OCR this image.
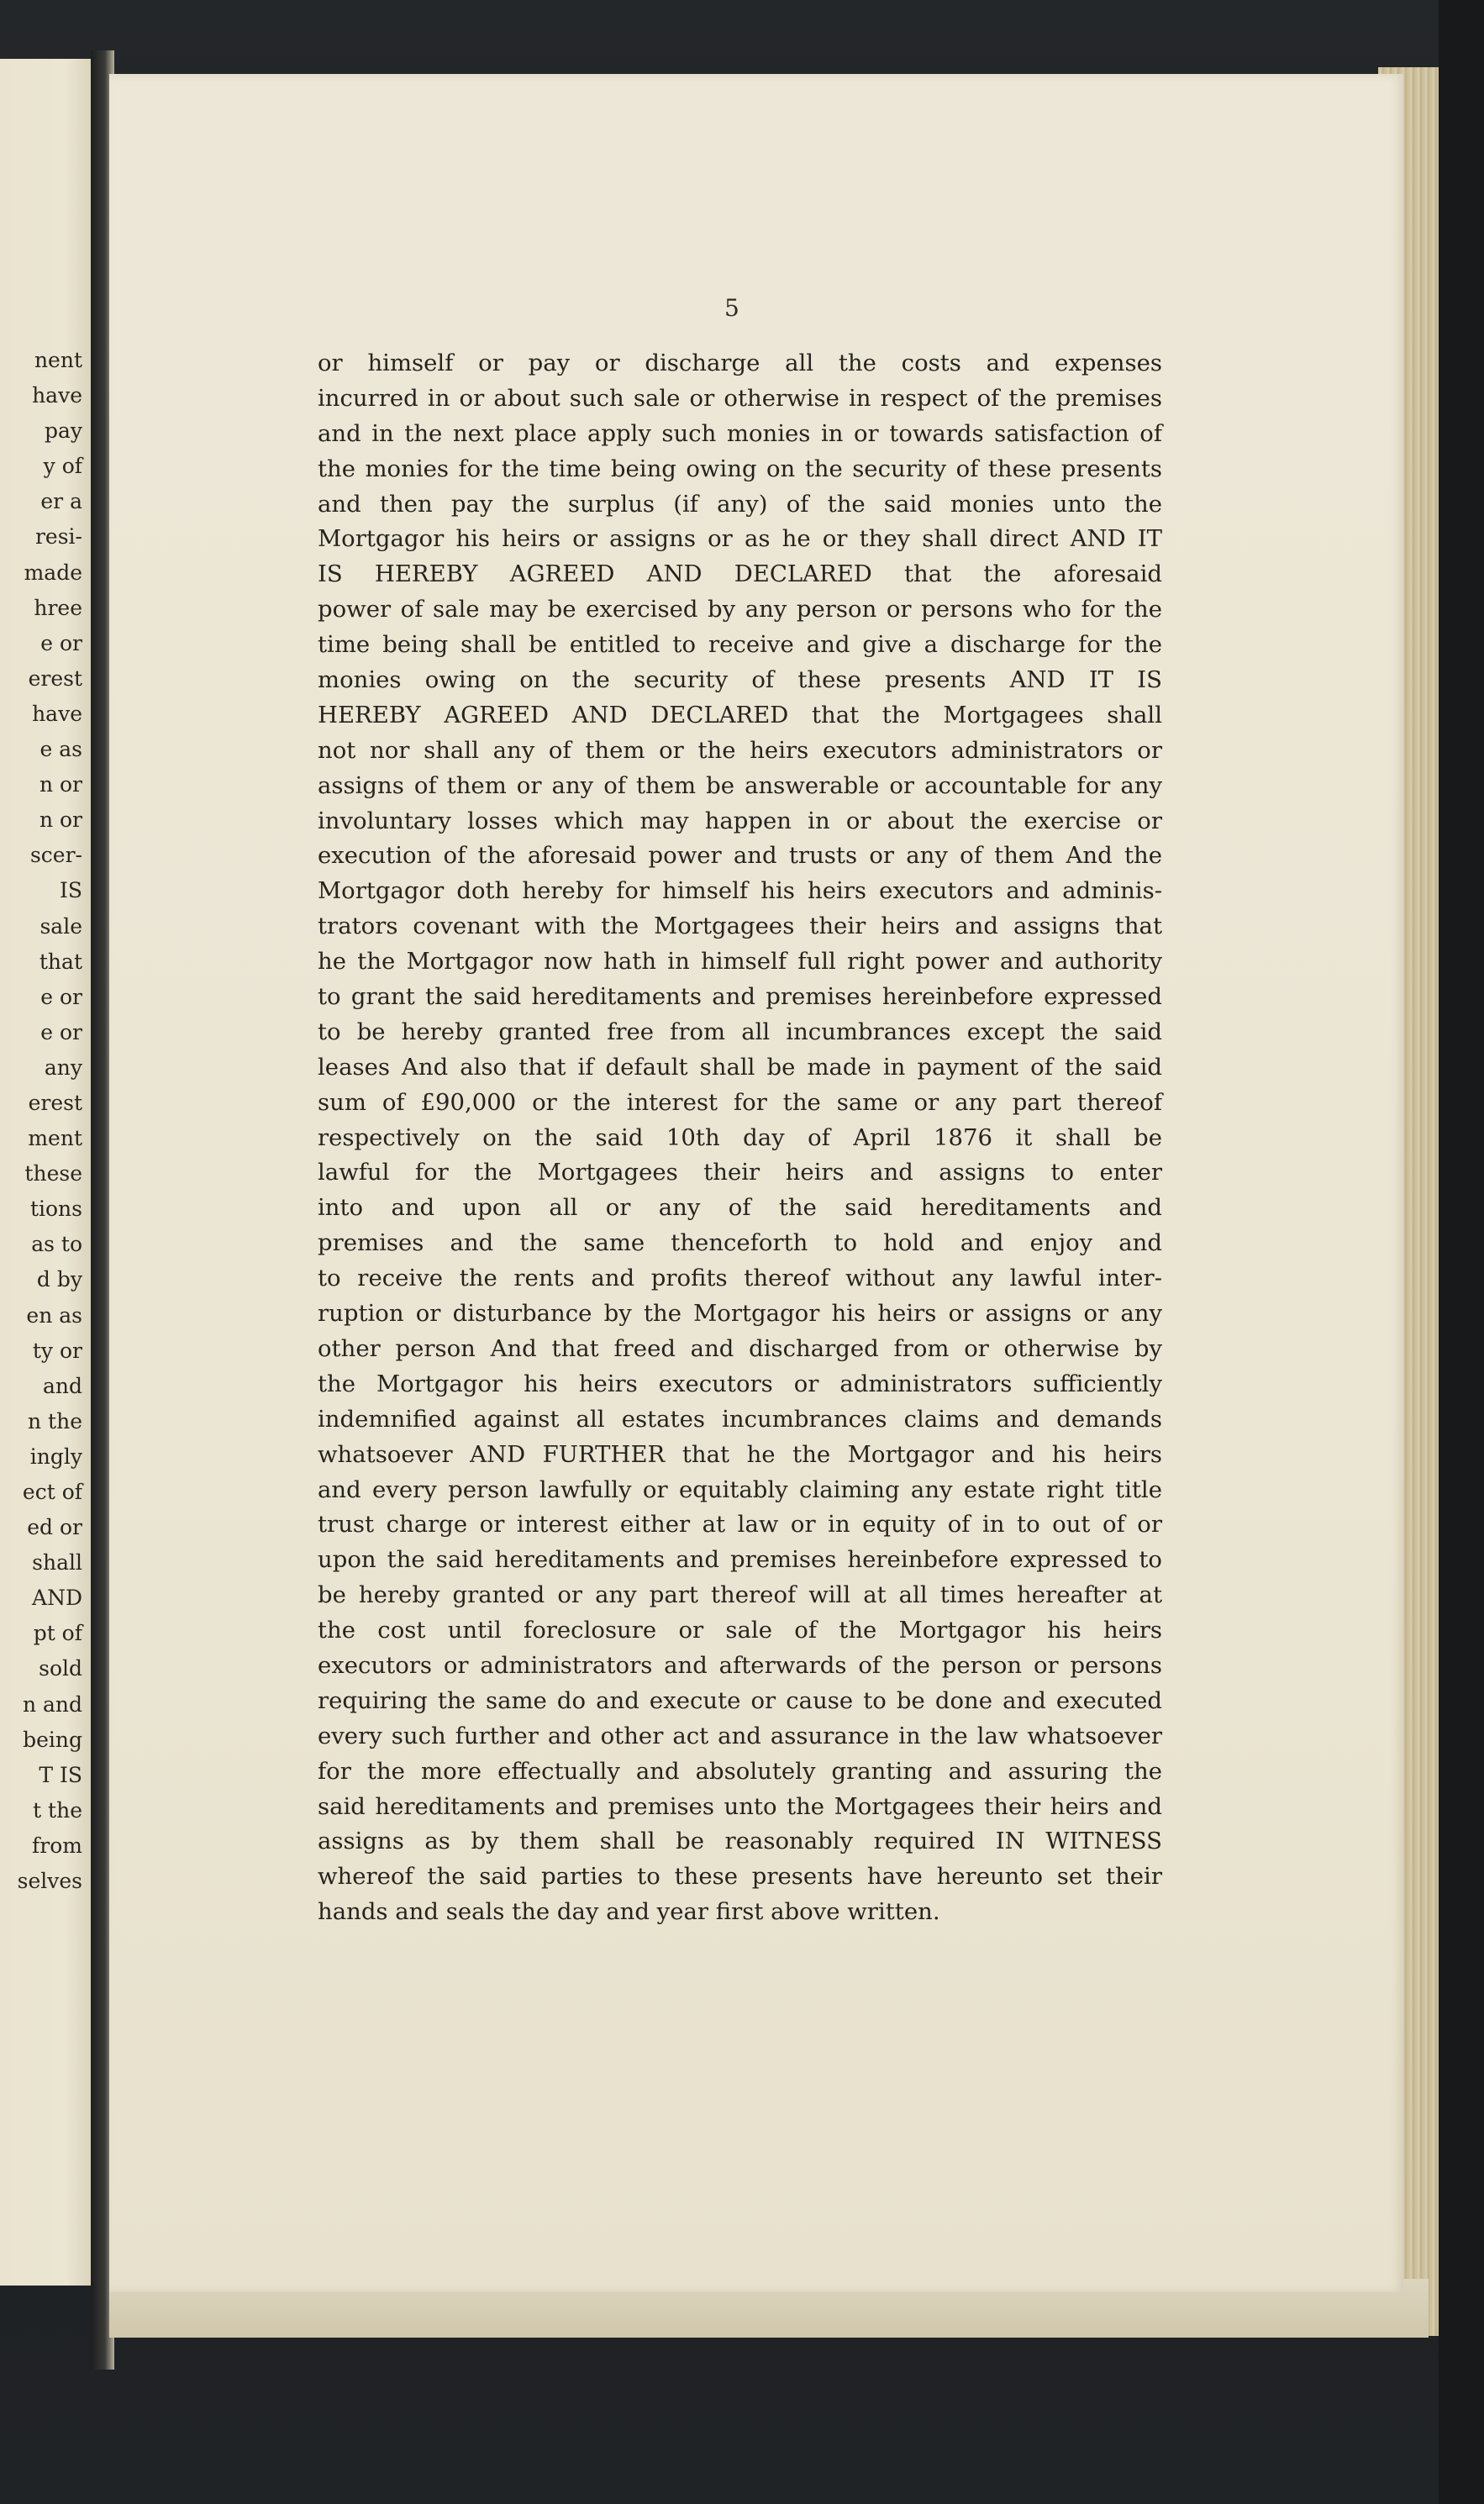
nent
have
pay
y of
er a
resi-
made
hree
e or
erest
have
e as
n or
n or
scer-
IS
sale
that
e or
e or
any
erest
ment
these
tions
as to
d by
en as
ty or
and
n the
ingly
ect of
ed or
shall
AND
pt of
sold
n and
being
T IS
t the
from
selves
5
or himself or pay or discharge all the costs and expenses
incurred in or about such sale or otherwise in respect of the premises
and in the next place apply such monies in or towards satisfaction of
the monies for the time being owing on the security of these presents
and then pay the surplus (if any) of the said monies unto the
Mortgagor his heirs or assigns or as he or they shall direct AND IT
IS HEREBY AGREED AND DECLARED that the aforesaid
power of sale may be exercised by any person or persons who for the
time being shall be entitled to receive and give a discharge for the
monies owing on the security of these presents AND IT IS
HEREBY AGREED AND DECLARED that the Mortgagees shall
not nor shall any of them or the heirs executors administrators or
assigns of them or any of them be answerable or accountable for any
involuntary losses which may happen in or about the exercise or
execution of the aforesaid power and trusts or any of them And the
Mortgagor doth hereby for himself his heirs executors and adminis-
trators covenant with the Mortgagees their heirs and assigns that
he the Mortgagor now hath in himself full right power and authority
to grant the said hereditaments and premises hereinbefore expressed
to be hereby granted free from all incumbrances except the said
leases And also that if default shall be made in payment of the said
sum of £90,000 or the interest for the same or any part thereof
respectively on the said 10th day of April 1876 it shall be
lawful for the Mortgagees their heirs and assigns to enter
into and upon all or any of the said hereditaments and
premises and the same thenceforth to hold and enjoy and
to receive the rents and profits thereof without any lawful inter-
ruption or disturbance by the Mortgagor his heirs or assigns or any
other person And that freed and discharged from or otherwise by
the Mortgagor his heirs executors or administrators sufficiently
indemnified against all estates incumbrances claims and demands
whatsoever AND FURTHER that he the Mortgagor and his heirs
and every person lawfully or equitably claiming any estate right title
trust charge or interest either at law or in equity of in to out of or
upon the said hereditaments and premises hereinbefore expressed to
be hereby granted or any part thereof will at all times hereafter at
the cost until foreclosure or sale of the Mortgagor his heirs
executors or administrators and afterwards of the person or persons
requiring the same do and execute or cause to be done and executed
every such further and other act and assurance in the law whatsoever
for the more effectually and absolutely granting and assuring the
said hereditaments and premises unto the Mortgagees their heirs and
assigns as by them shall be reasonably required IN WITNESS
whereof the said parties to these presents have hereunto set their
hands and seals the day and year first above written.
